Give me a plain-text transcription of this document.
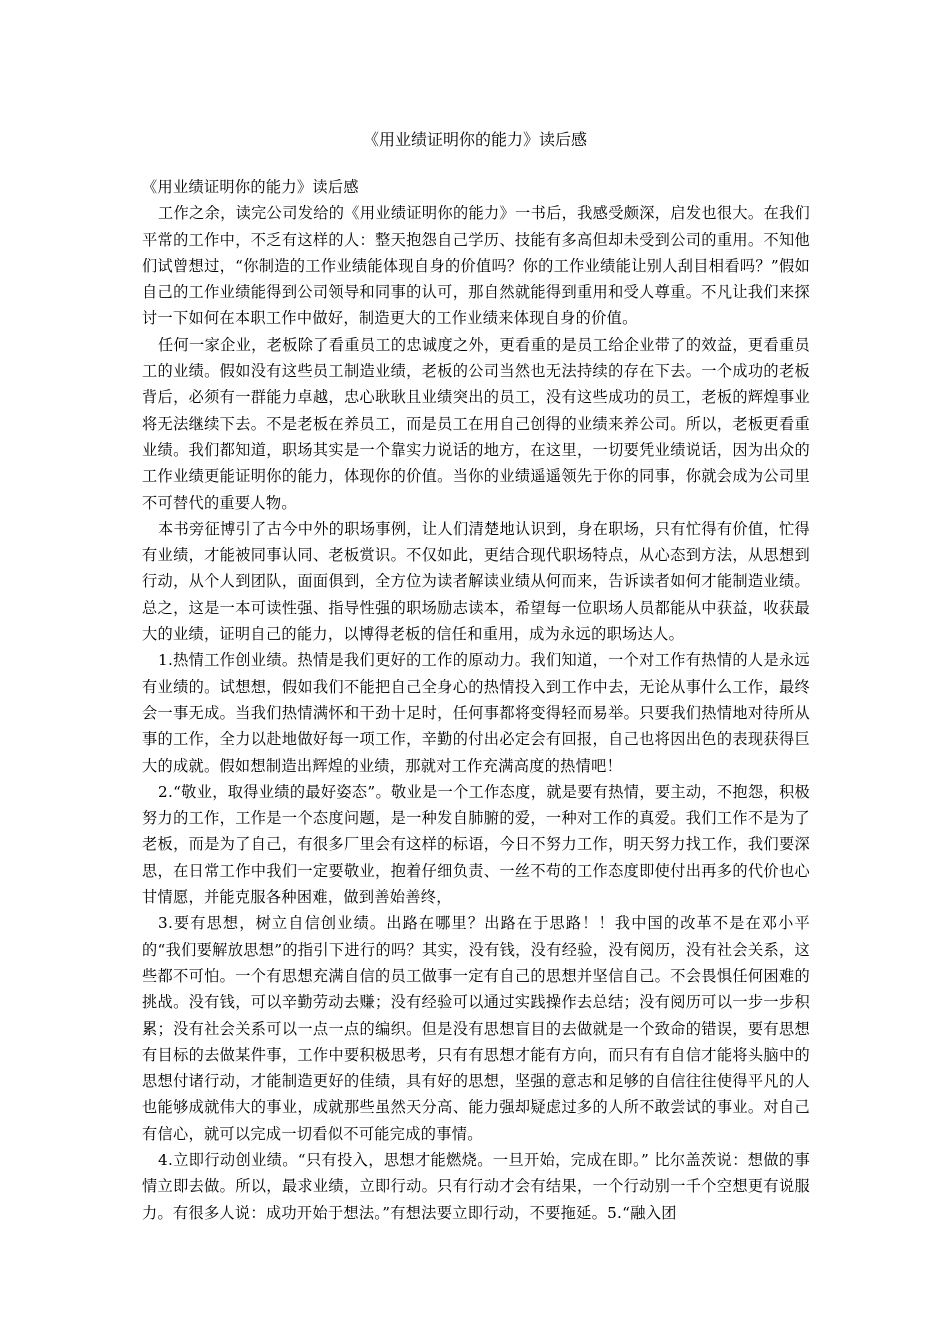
《用业绩证明你的能力》读后感

《用业绩证明你的能力》读后感

工作之余，读完公司发给的《用业绩证明你的能力》一书后，我感受颇深，启发也很大。在我们平常的工作中，不乏有这样的人：整天抱怨自己学历、技能有多高但却未受到公司的重用。不知他们试曾想过，“你制造的工作业绩能体现自身的价值吗？你的工作业绩能让别人刮目相看吗？”假如自己的工作业绩能得到公司领导和同事的认可，那自然就能得到重用和受人尊重。不凡让我们来探讨一下如何在本职工作中做好，制造更大的工作业绩来体现自身的价值。

任何一家企业，老板除了看重员工的忠诚度之外，更看重的是员工给企业带了的效益，更看重员工的业绩。假如没有这些员工制造业绩，老板的公司当然也无法持续的存在下去。一个成功的老板背后，必须有一群能力卓越，忠心耿耿且业绩突出的员工，没有这些成功的员工，老板的辉煌事业将无法继续下去。不是老板在养员工，而是员工在用自己创得的业绩来养公司。所以，老板更看重业绩。我们都知道，职场其实是一个靠实力说话的地方，在这里，一切要凭业绩说话，因为出众的工作业绩更能证明你的能力，体现你的价值。当你的业绩遥遥领先于你的同事，你就会成为公司里不可替代的重要人物。

本书旁征博引了古今中外的职场事例，让人们清楚地认识到，身在职场，只有忙得有价值，忙得有业绩，才能被同事认同、老板赏识。不仅如此，更结合现代职场特点，从心态到方法，从思想到行动，从个人到团队，面面俱到，全方位为读者解读业绩从何而来，告诉读者如何才能制造业绩。总之，这是一本可读性强、指导性强的职场励志读本，希望每一位职场人员都能从中获益，收获最大的业绩，证明自己的能力，以博得老板的信任和重用，成为永远的职场达人。

1.热情工作创业绩。热情是我们更好的工作的原动力。我们知道，一个对工作有热情的人是永远有业绩的。试想想，假如我们不能把自己全身心的热情投入到工作中去，无论从事什么工作，最终会一事无成。当我们热情满怀和干劲十足时，任何事都将变得轻而易举。只要我们热情地对待所从事的工作，全力以赴地做好每一项工作，辛勤的付出必定会有回报，自己也将因出色的表现获得巨大的成就。假如想制造出辉煌的业绩，那就对工作充满高度的热情吧！

2.“敬业，取得业绩的最好姿态”。敬业是一个工作态度，就是要有热情，要主动，不抱怨，积极努力的工作，工作是一个态度问题，是一种发自肺腑的爱，一种对工作的真爱。我们工作不是为了老板，而是为了自己，有很多厂里会有这样的标语，今日不努力工作，明天努力找工作，我们要深思，在日常工作中我们一定要敬业，抱着仔细负责、一丝不苟的工作态度即使付出再多的代价也心甘情愿，并能克服各种困难，做到善始善终，

3.要有思想，树立自信创业绩。出路在哪里？出路在于思路！！我中国的改革不是在邓小平的“我们要解放思想”的指引下进行的吗？其实，没有钱，没有经验，没有阅历，没有社会关系，这些都不可怕。一个有思想充满自信的员工做事一定有自己的思想并坚信自己。不会畏惧任何困难的挑战。没有钱，可以辛勤劳动去赚；没有经验可以通过实践操作去总结；没有阅历可以一步一步积累；没有社会关系可以一点一点的编织。但是没有思想盲目的去做就是一个致命的错误，要有思想有目标的去做某件事，工作中要积极思考，只有有思想才能有方向，而只有有自信才能将头脑中的思想付诸行动，才能制造更好的佳绩，具有好的思想，坚强的意志和足够的自信往往使得平凡的人也能够成就伟大的事业，成就那些虽然天分高、能力强却疑虑过多的人所不敢尝试的事业。对自己有信心，就可以完成一切看似不可能完成的事情。

4.立即行动创业绩。“只有投入，思想才能燃烧。一旦开始，完成在即。” 比尔盖茨说：想做的事情立即去做。所以，最求业绩，立即行动。只有行动才会有结果，一个行动别一千个空想更有说服力。有很多人说：成功开始于想法。”有想法要立即行动，不要拖延。5.“融入团
